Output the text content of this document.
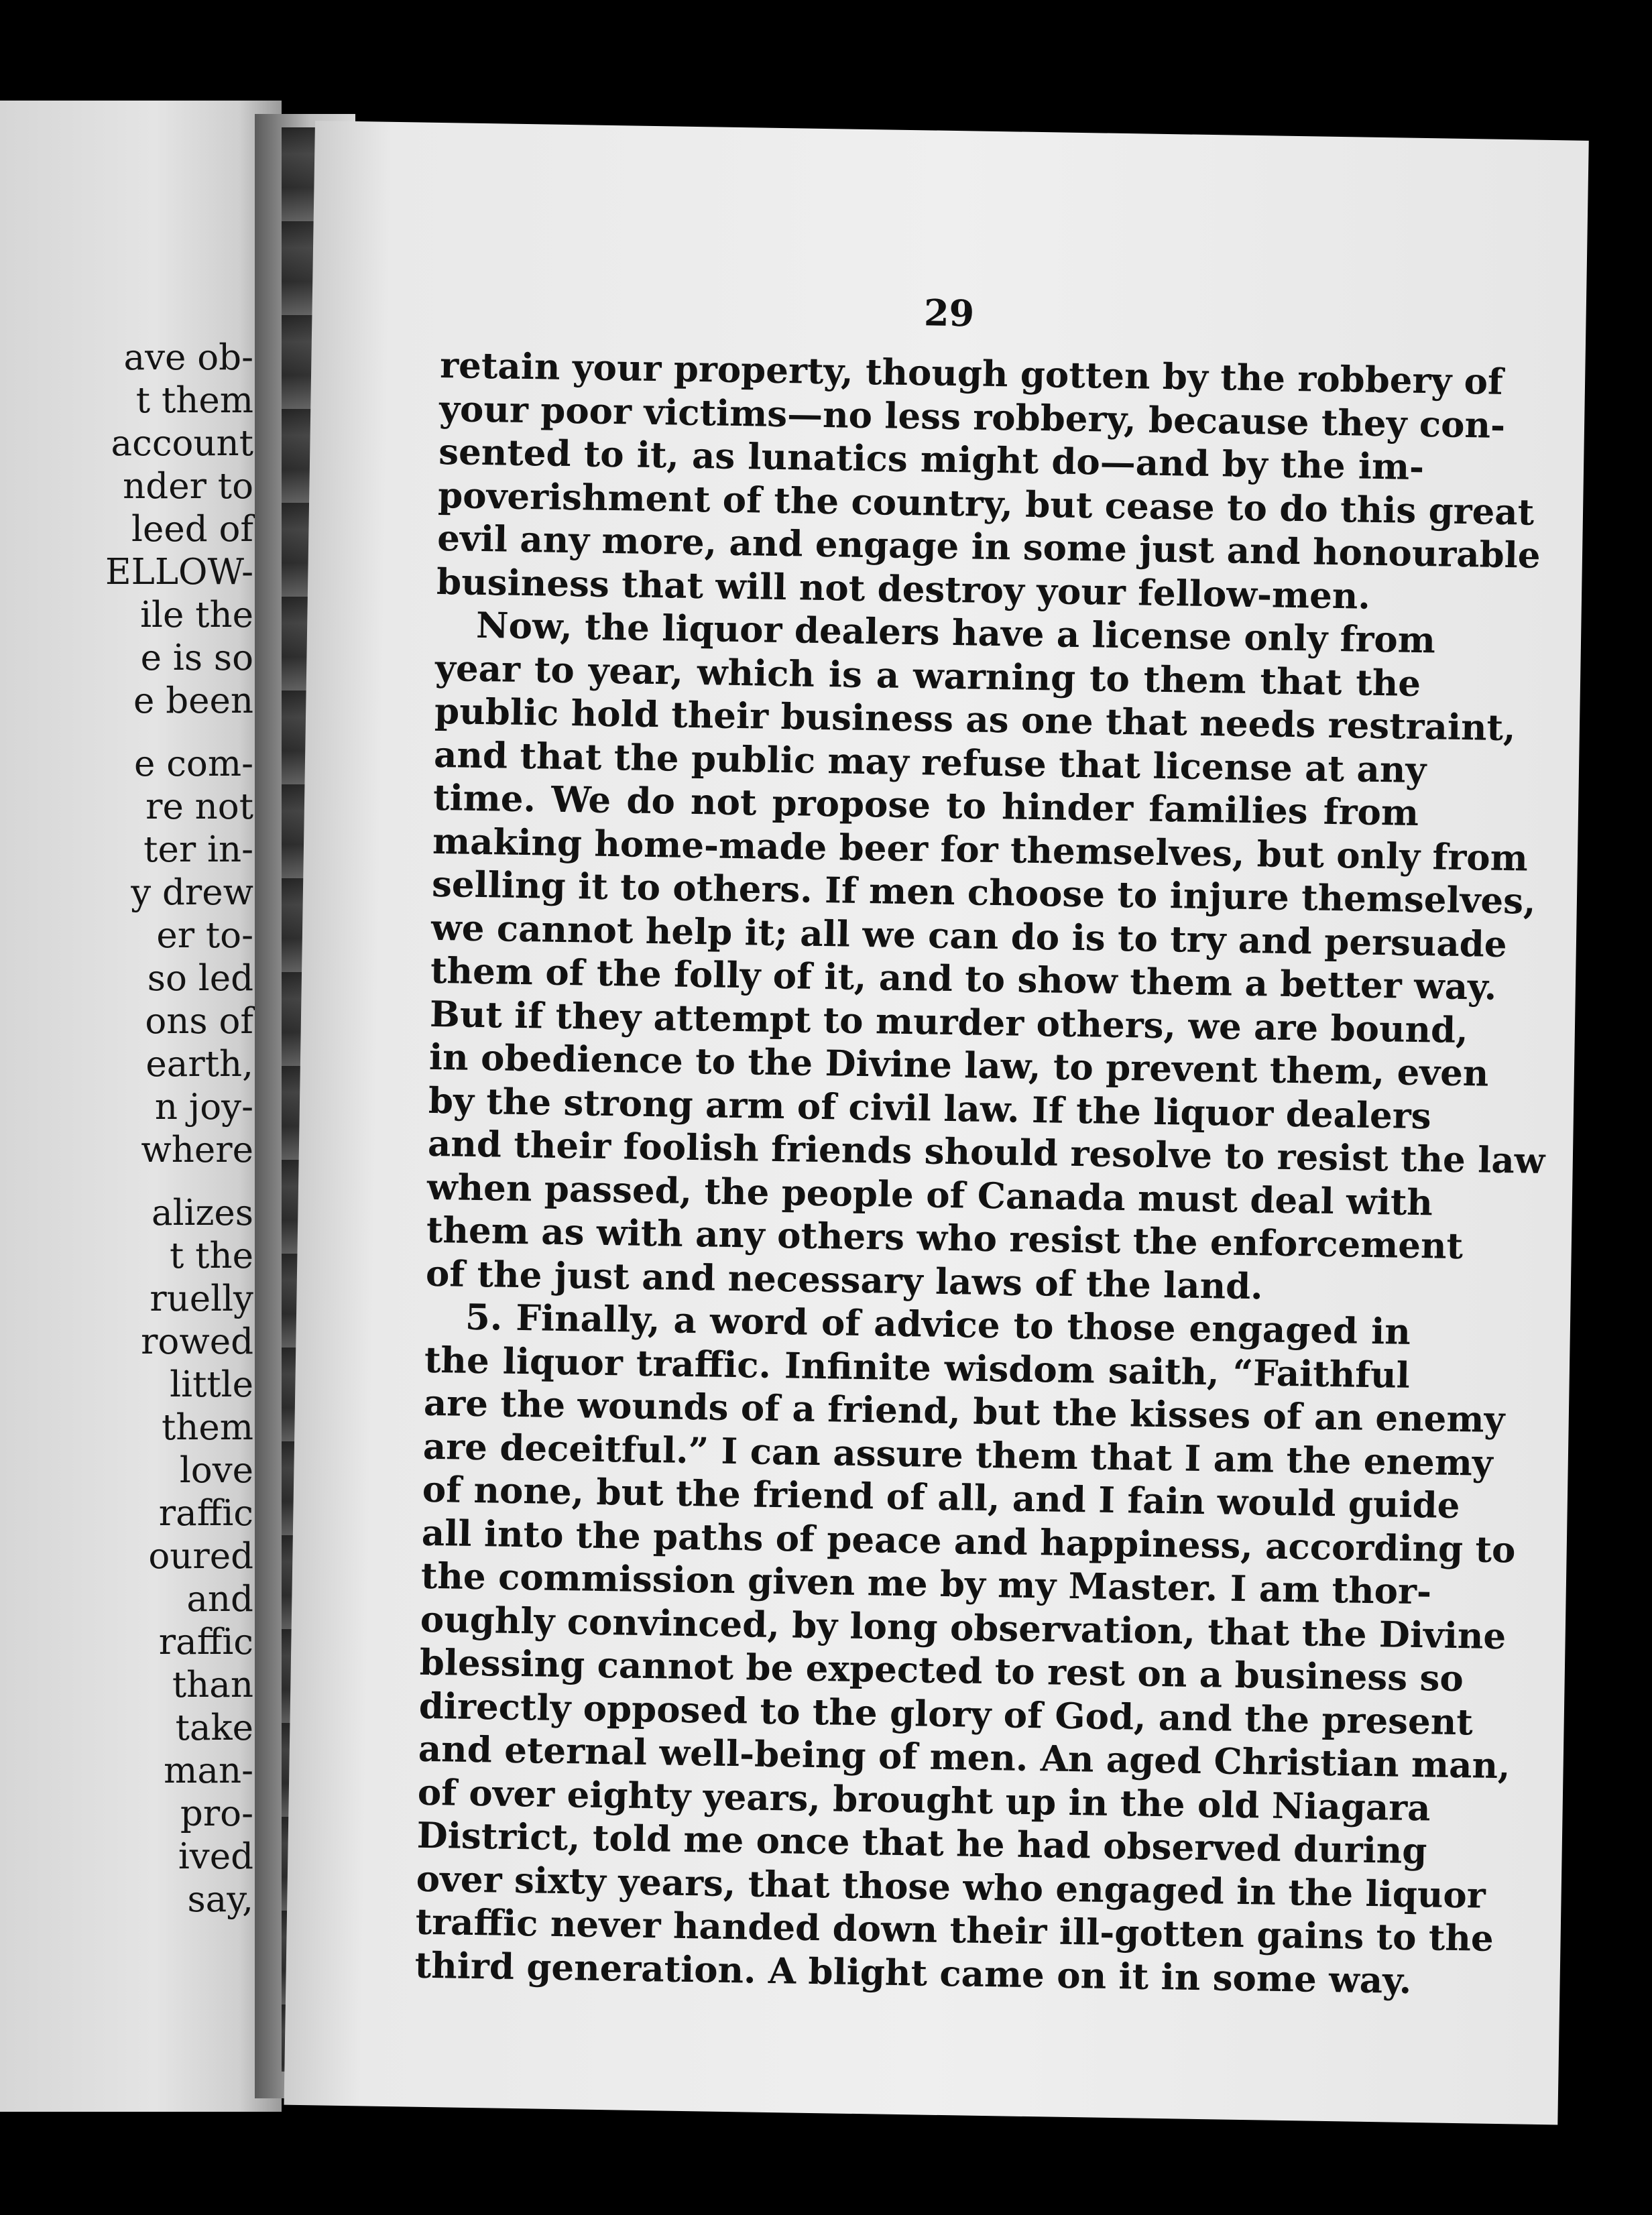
ave ob-
t them
account
nder to
leed of
ELLOW-
ile the
e is so
e been
e com-
re not
ter in-
y drew
er to-
so led
ons of
earth,
n joy-
where
alizes
t the
ruelly
rowed
little
them
love
raffic
oured
and
raffic
than
take
man-
pro-
ived
say,
29
retain your property, though gotten by the robbery of
your poor victims—no less robbery, because they con-
sented to it, as lunatics might do—and by the im-
poverishment of the country, but cease to do this great
evil any more, and engage in some just and honourable
business that will not destroy your fellow-men.
Now, the liquor dealers have a license only from
year to year, which is a warning to them that the
public hold their business as one that needs restraint,
and that the public may refuse that license at any
time. We do not propose to hinder families from
making home-made beer for themselves, but only from
selling it to others. If men choose to injure themselves,
we cannot help it; all we can do is to try and persuade
them of the folly of it, and to show them a better way.
But if they attempt to murder others, we are bound,
in obedience to the Divine law, to prevent them, even
by the strong arm of civil law. If the liquor dealers
and their foolish friends should resolve to resist the law
when passed, the people of Canada must deal with
them as with any others who resist the enforcement
of the just and necessary laws of the land.
5. Finally, a word of advice to those engaged in
the liquor traffic. Infinite wisdom saith, “Faithful
are the wounds of a friend, but the kisses of an enemy
are deceitful.” I can assure them that I am the enemy
of none, but the friend of all, and I fain would guide
all into the paths of peace and happiness, according to
the commission given me by my Master. I am thor-
oughly convinced, by long observation, that the Divine
blessing cannot be expected to rest on a business so
directly opposed to the glory of God, and the present
and eternal well-being of men. An aged Christian man,
of over eighty years, brought up in the old Niagara
District, told me once that he had observed during
over sixty years, that those who engaged in the liquor
traffic never handed down their ill-gotten gains to the
third generation. A blight came on it in some way.
